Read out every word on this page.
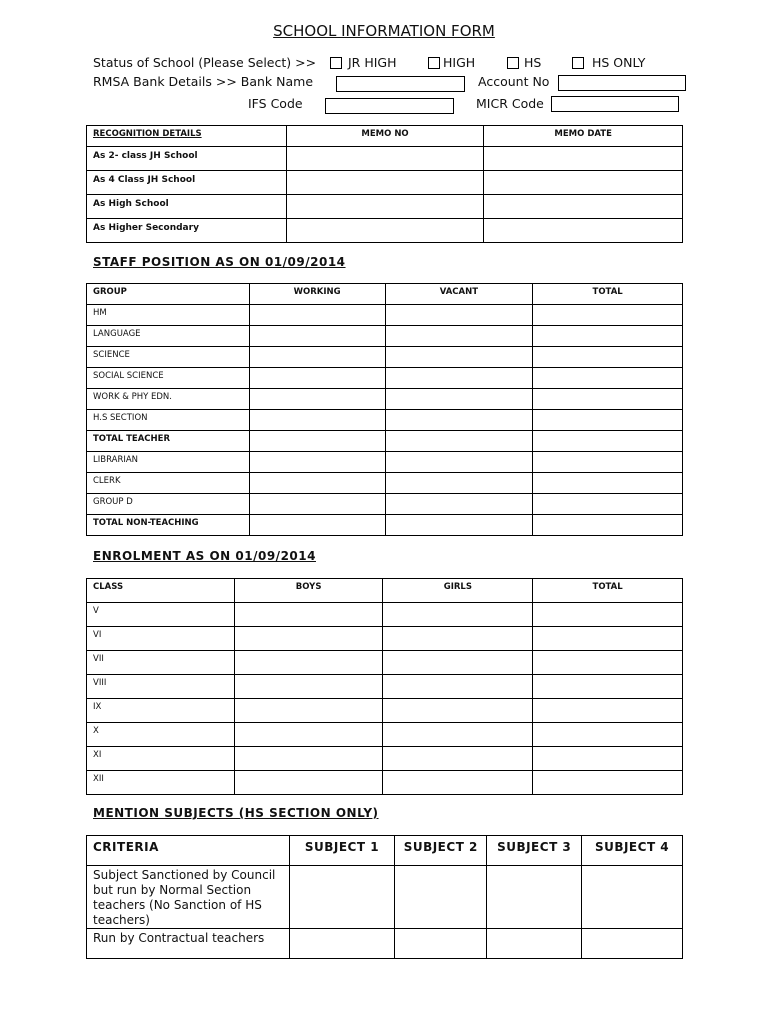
SCHOOL INFORMATION FORM
Status of School (Please Select) >>	JR HIGH	HIGH	HS	HS ONLY
RMSA Bank Details >> Bank Name	Account No
IFS Code	MICR Code
RECOGNITION DETAILS	MEMO NO	MEMO DATE
As 2- class JH School		
As 4 Class JH School		
As High School		
As Higher Secondary		
STAFF POSITION AS ON 01/09/2014
GROUP	WORKING	VACANT	TOTAL
HM			
LANGUAGE			
SCIENCE			
SOCIAL SCIENCE			
WORK & PHY EDN.			
H.S SECTION			
TOTAL TEACHER			
LIBRARIAN			
CLERK			
GROUP D			
TOTAL NON-TEACHING			
ENROLMENT AS ON 01/09/2014
CLASS	BOYS	GIRLS	TOTAL
V			
VI			
VII			
VIII			
IX			
X			
XI			
XII			
MENTION SUBJECTS (HS SECTION ONLY)
CRITERIA	SUBJECT 1	SUBJECT 2	SUBJECT 3	SUBJECT 4
Subject Sanctioned by Council but run by Normal Section teachers (No Sanction of HS teachers)				
Run by Contractual teachers				
